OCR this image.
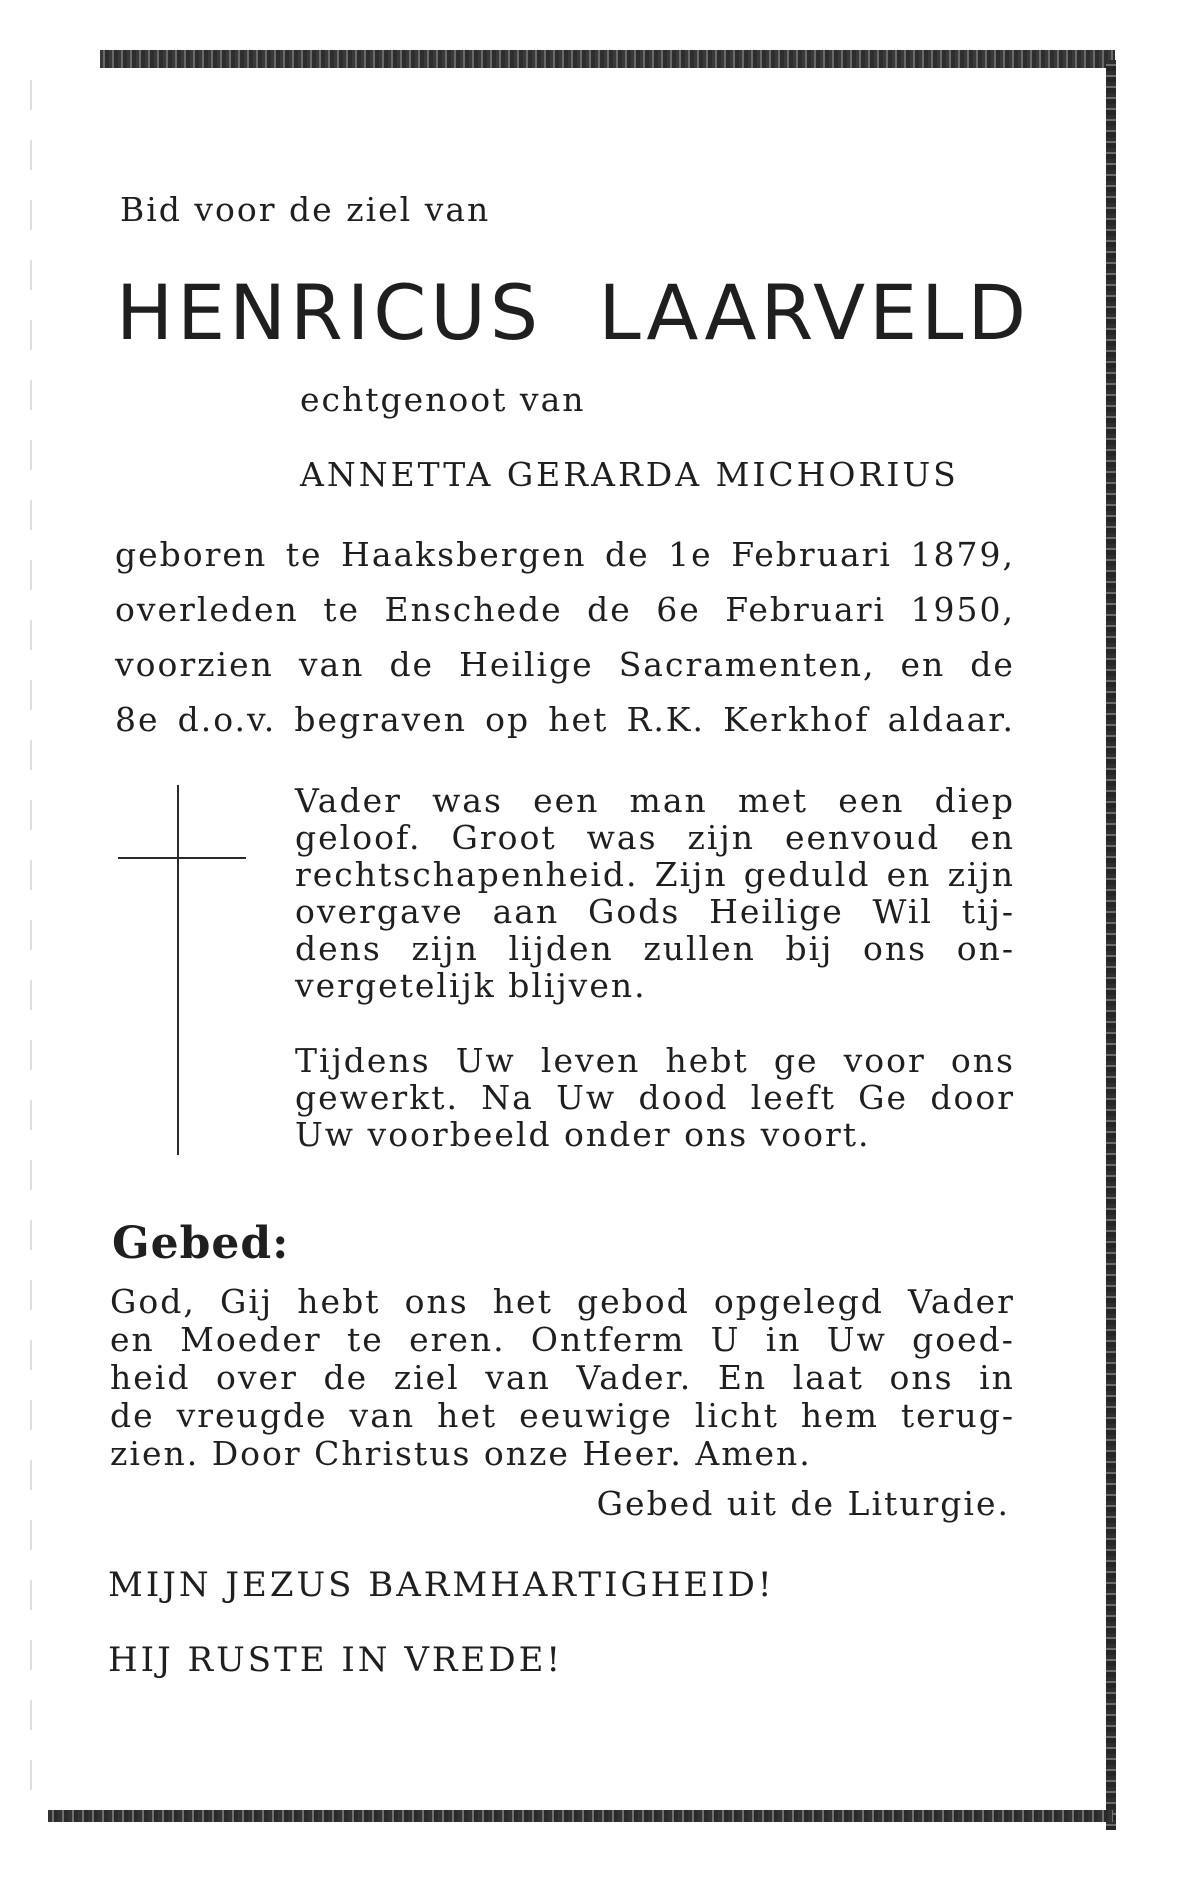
Bid voor de ziel van

HENRICUS LAARVELD

echtgenoot van

ANNETTA GERARDA MICHORIUS

geboren te Haaksbergen de 1e Februari 1879,

overleden te Enschede de 6e Februari 1950,

voorzien van de Heilige Sacramenten, en de

8e d.o.v. begraven op het R.K. Kerkhof aldaar.

Vader was een man met een diep
geloof. Groot was zijn eenvoud en
rechtschapenheid. Zijn geduld en zijn
overgave aan Gods Heilige Wil tij-
dens zijn lijden zullen bij ons on-
vergetelijk blijven.
Tijdens Uw leven hebt ge voor ons
gewerkt. Na Uw dood leeft Ge door
Uw voorbeeld onder ons voort.

Gebed:

God, Gij hebt ons het gebod opgelegd Vader
en Moeder te eren. Ontferm U in Uw goed-
heid over de ziel van Vader. En laat ons in
de vreugde van het eeuwige licht hem terug-
zien. Door Christus onze Heer. Amen.

Gebed uit de Liturgie.

MIJN JEZUS BARMHARTIGHEID!

HIJ RUSTE IN VREDE!
